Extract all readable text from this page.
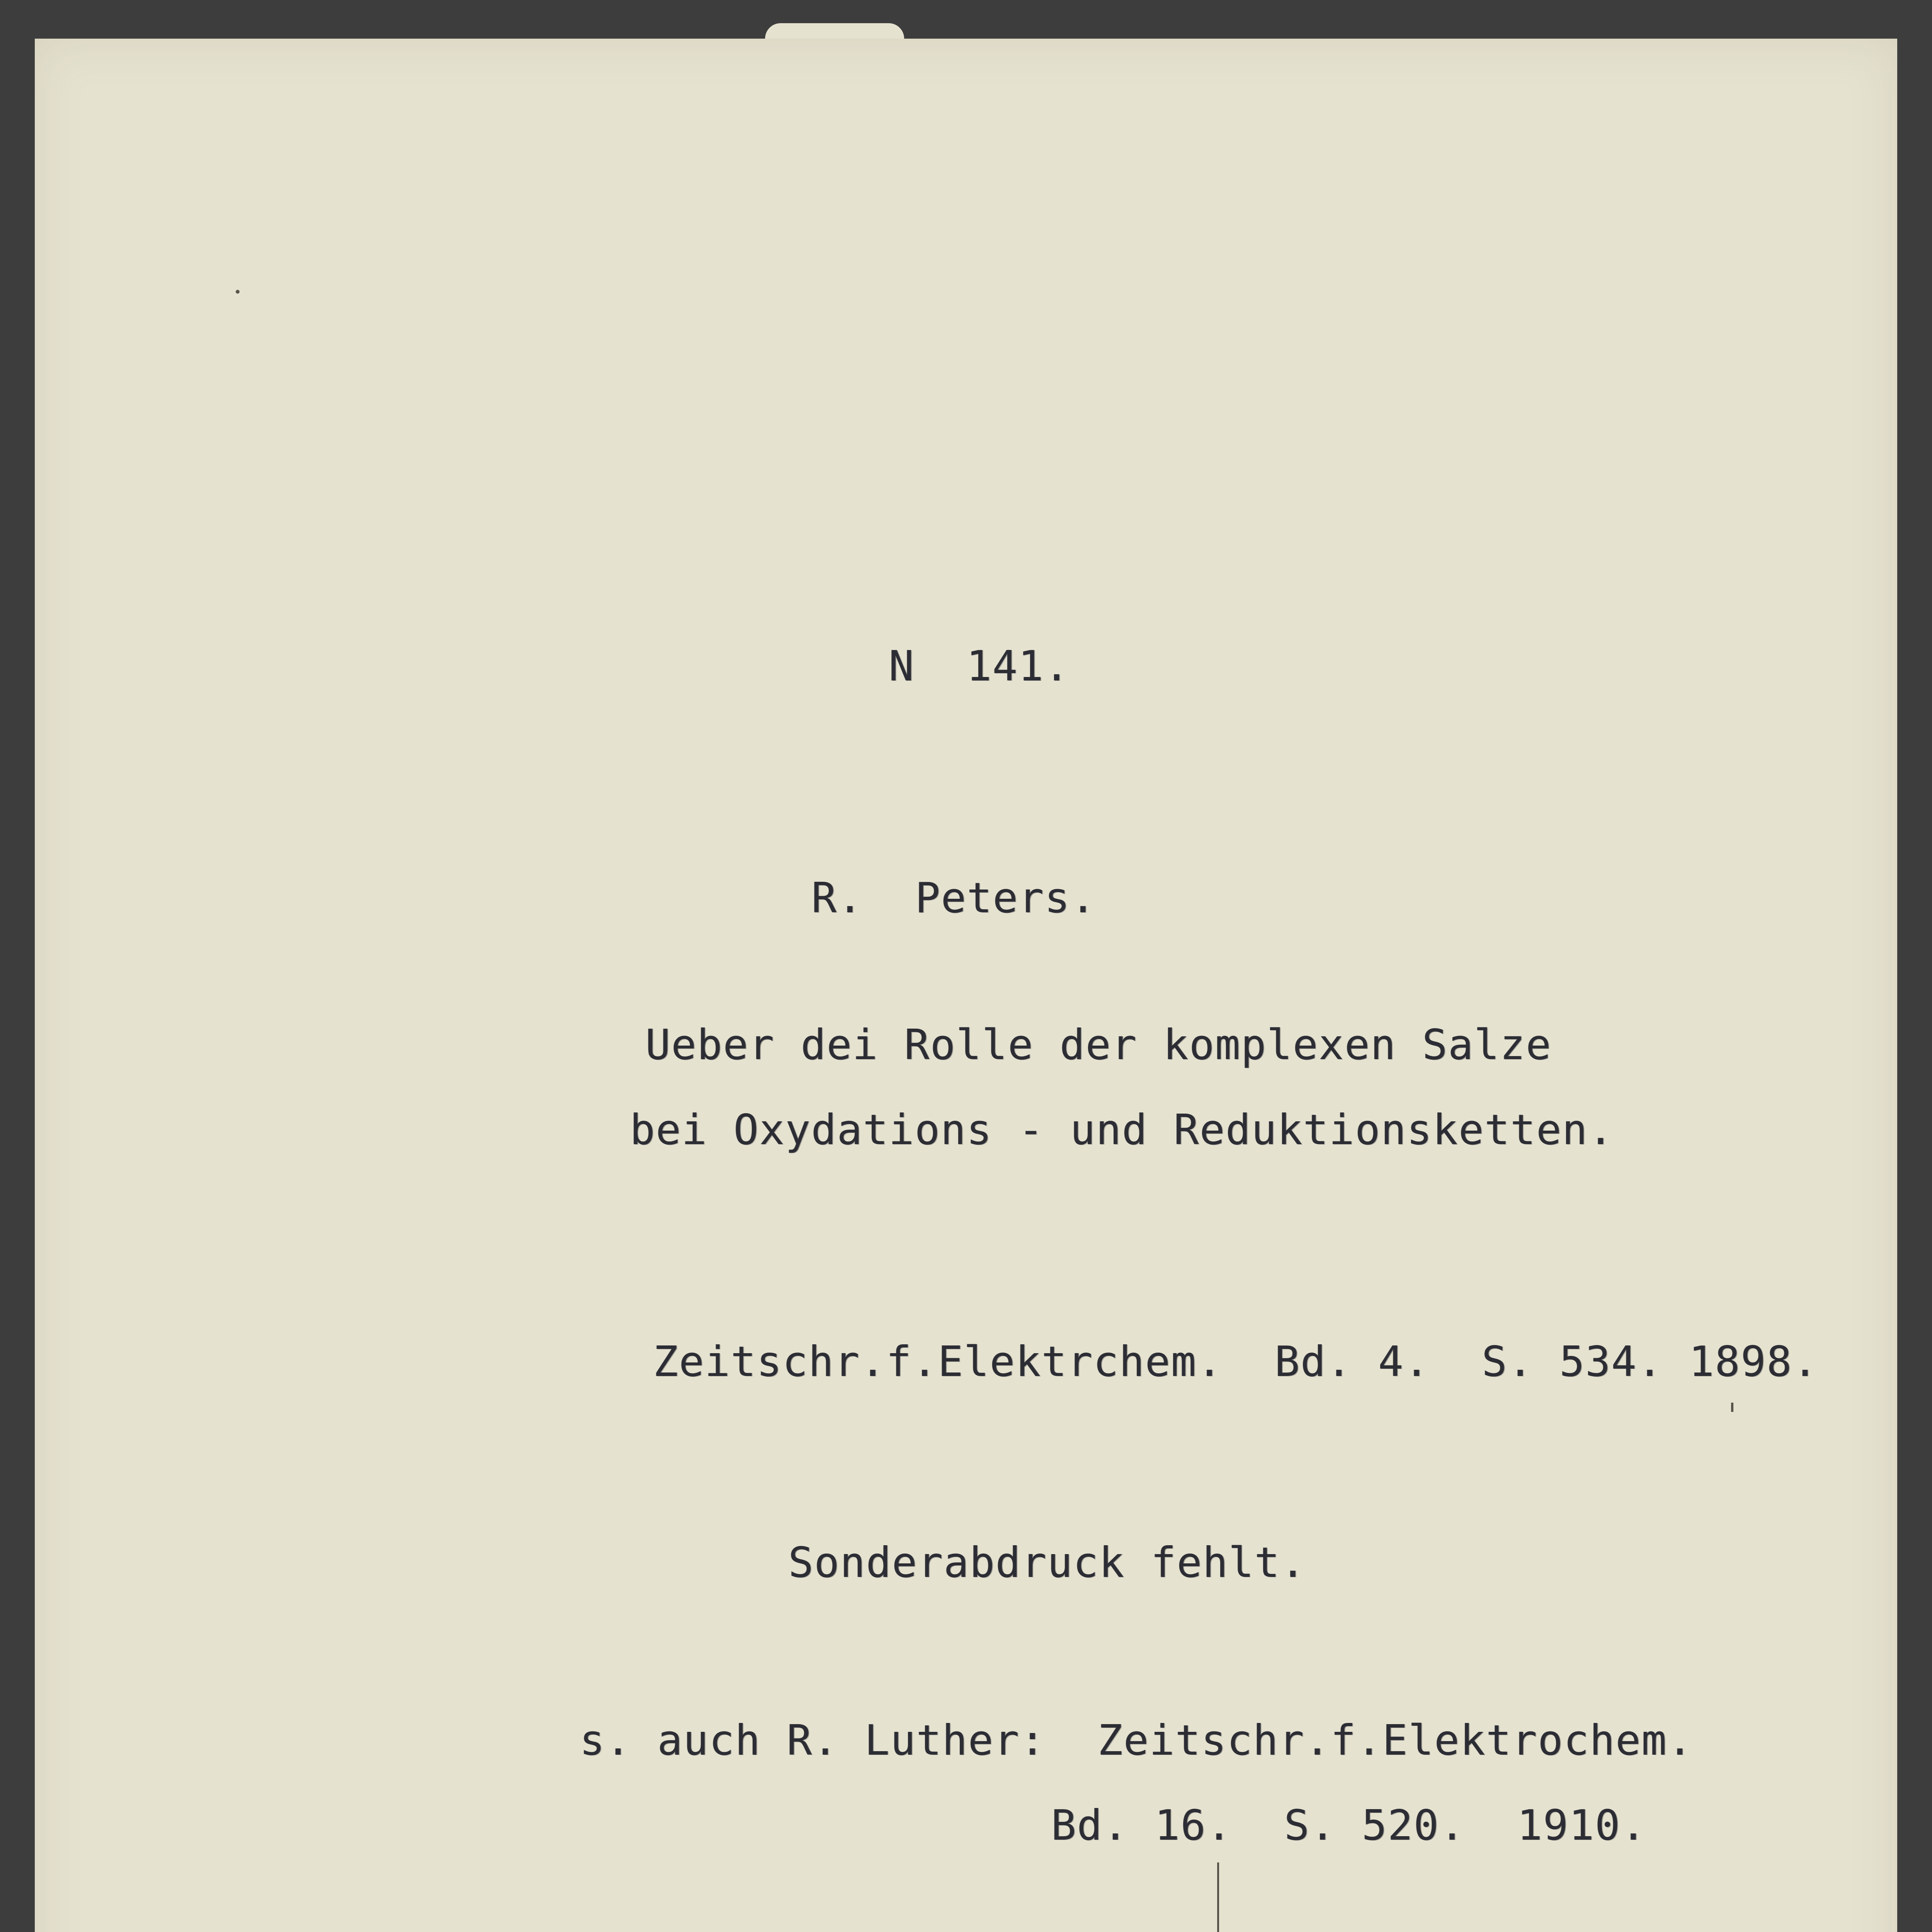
N  141.

R.  Peters.

Ueber dei Rolle der komplexen Salze

bei Oxydations - und Reduktionsketten.

Zeitschr.f.Elektrchem.  Bd. 4.  S. 534. 1898.

Sonderabdruck fehlt.

s. auch R. Luther:  Zeitschr.f.Elektrochem.

Bd. 16.  S. 520.  1910.
